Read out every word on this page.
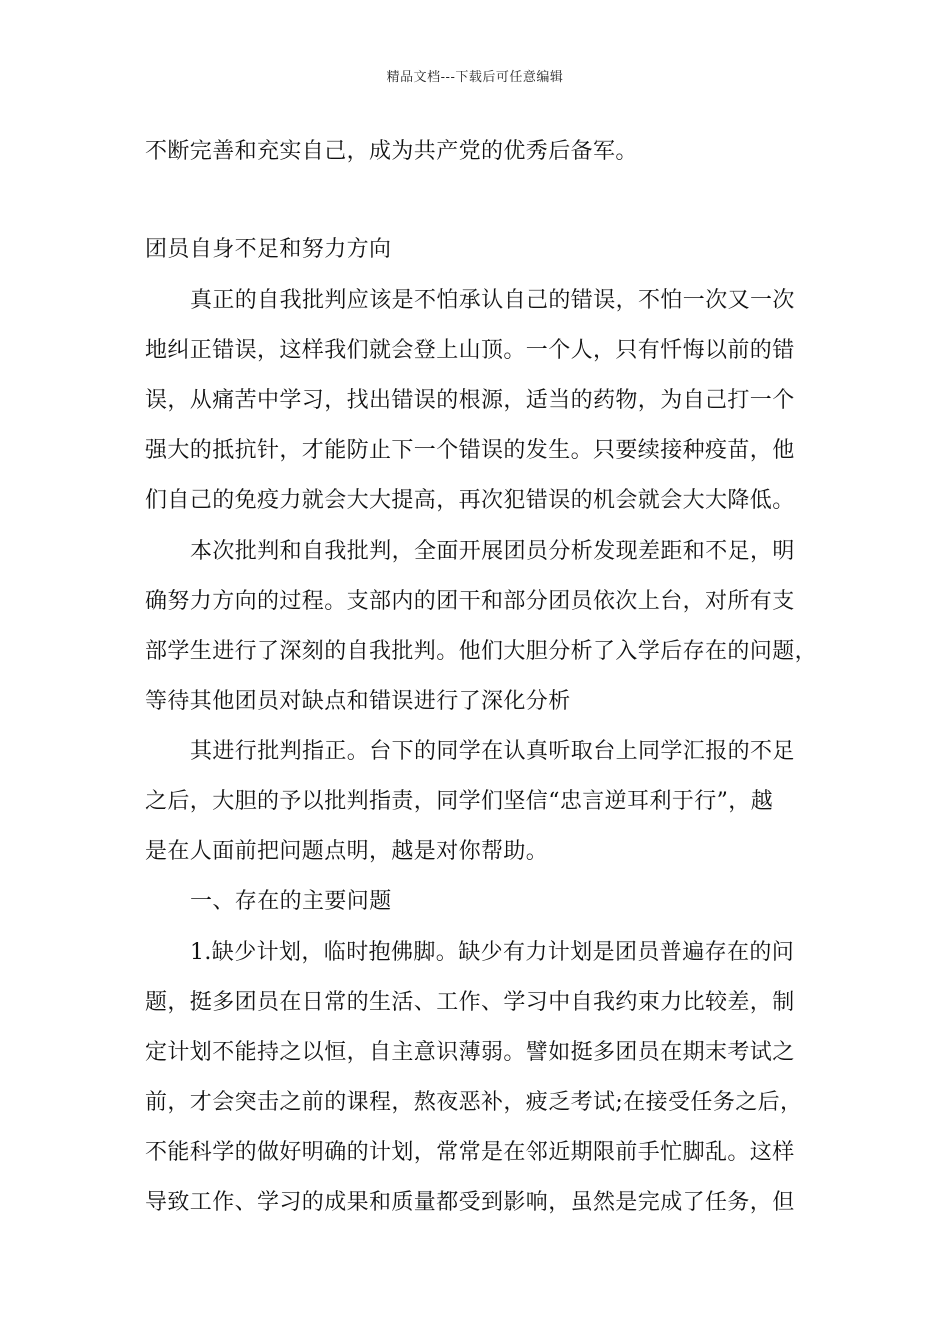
精品文档---下载后可任意编辑
不断完善和充实自己，成为共产党的优秀后备军。
团员自身不足和努力方向
真正的自我批判应该是不怕承认自己的错误，不怕一次又一次
地纠正错误，这样我们就会登上山顶。一个人，只有忏悔以前的错
误，从痛苦中学习，找出错误的根源，适当的药物，为自己打一个
强大的抵抗针，才能防止下一个错误的发生。只要续接种疫苗，他
们自己的免疫力就会大大提高，再次犯错误的机会就会大大降低。
本次批判和自我批判，全面开展团员分析发现差距和不足，明
确努力方向的过程。支部内的团干和部分团员依次上台，对所有支
部学生进行了深刻的自我批判。他们大胆分析了入学后存在的问题，
等待其他团员对缺点和错误进行了深化分析
其进行批判指正。台下的同学在认真听取台上同学汇报的不足
之后，大胆的予以批判指责，同学们坚信“忠言逆耳利于行”，越
是在人面前把问题点明，越是对你帮助。
一、存在的主要问题
1.缺少计划，临时抱佛脚。缺少有力计划是团员普遍存在的问
题，挺多团员在日常的生活、工作、学习中自我约束力比较差，制
定计划不能持之以恒，自主意识薄弱。譬如挺多团员在期末考试之
前，才会突击之前的课程，熬夜恶补，疲乏考试;在接受任务之后，
不能科学的做好明确的计划，常常是在邻近期限前手忙脚乱。这样
导致工作、学习的成果和质量都受到影响，虽然是完成了任务，但
